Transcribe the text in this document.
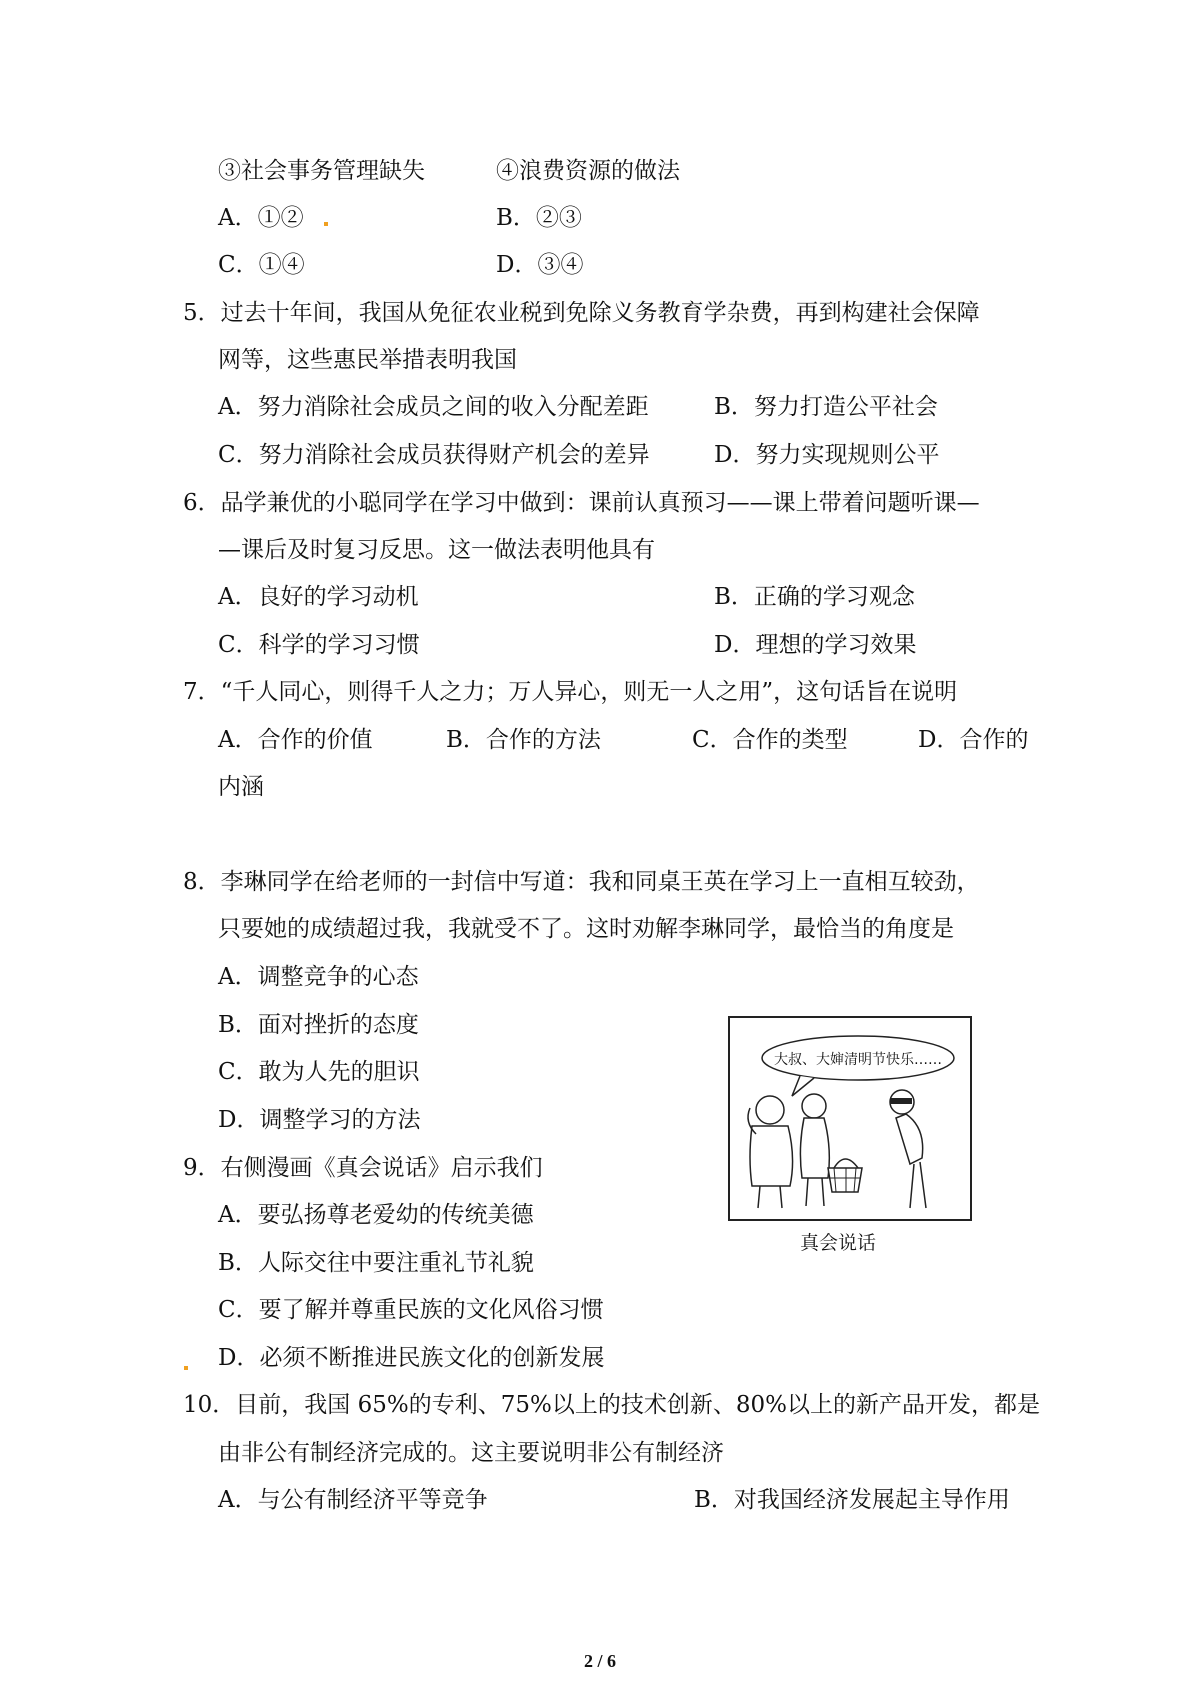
③社会事务管理缺失	④浪费资源的做法
A．①②	B．②③
C．①④	D．③④
5．过去十年间，我国从免征农业税到免除义务教育学杂费，再到构建社会保障
网等，这些惠民举措表明我国
A．努力消除社会成员之间的收入分配差距	B．努力打造公平社会
C．努力消除社会成员获得财产机会的差异	D．努力实现规则公平
6．品学兼优的小聪同学在学习中做到：课前认真预习——课上带着问题听课—
—课后及时复习反思。这一做法表明他具有
A．良好的学习动机	B．正确的学习观念
C．科学的学习习惯	D．理想的学习效果
7．“千人同心，则得千人之力；万人异心，则无一人之用”，这句话旨在说明
A．合作的价值	B．合作的方法	C．合作的类型	D．合作的
内涵
8．李琳同学在给老师的一封信中写道：我和同桌王英在学习上一直相互较劲，
只要她的成绩超过我，我就受不了。这时劝解李琳同学，最恰当的角度是
A．调整竞争的心态
B．面对挫折的态度
C．敢为人先的胆识
D．调整学习的方法
大叔、大婶清明节快乐……
真会说话
9．右侧漫画《真会说话》启示我们
A．要弘扬尊老爱幼的传统美德
B．人际交往中要注重礼节礼貌
C．要了解并尊重民族的文化风俗习惯
D．必须不断推进民族文化的创新发展
10．目前，我国 65%的专利、75%以上的技术创新、80%以上的新产品开发，都是
由非公有制经济完成的。这主要说明非公有制经济
A．与公有制经济平等竞争	B．对我国经济发展起主导作用
2 / 6
